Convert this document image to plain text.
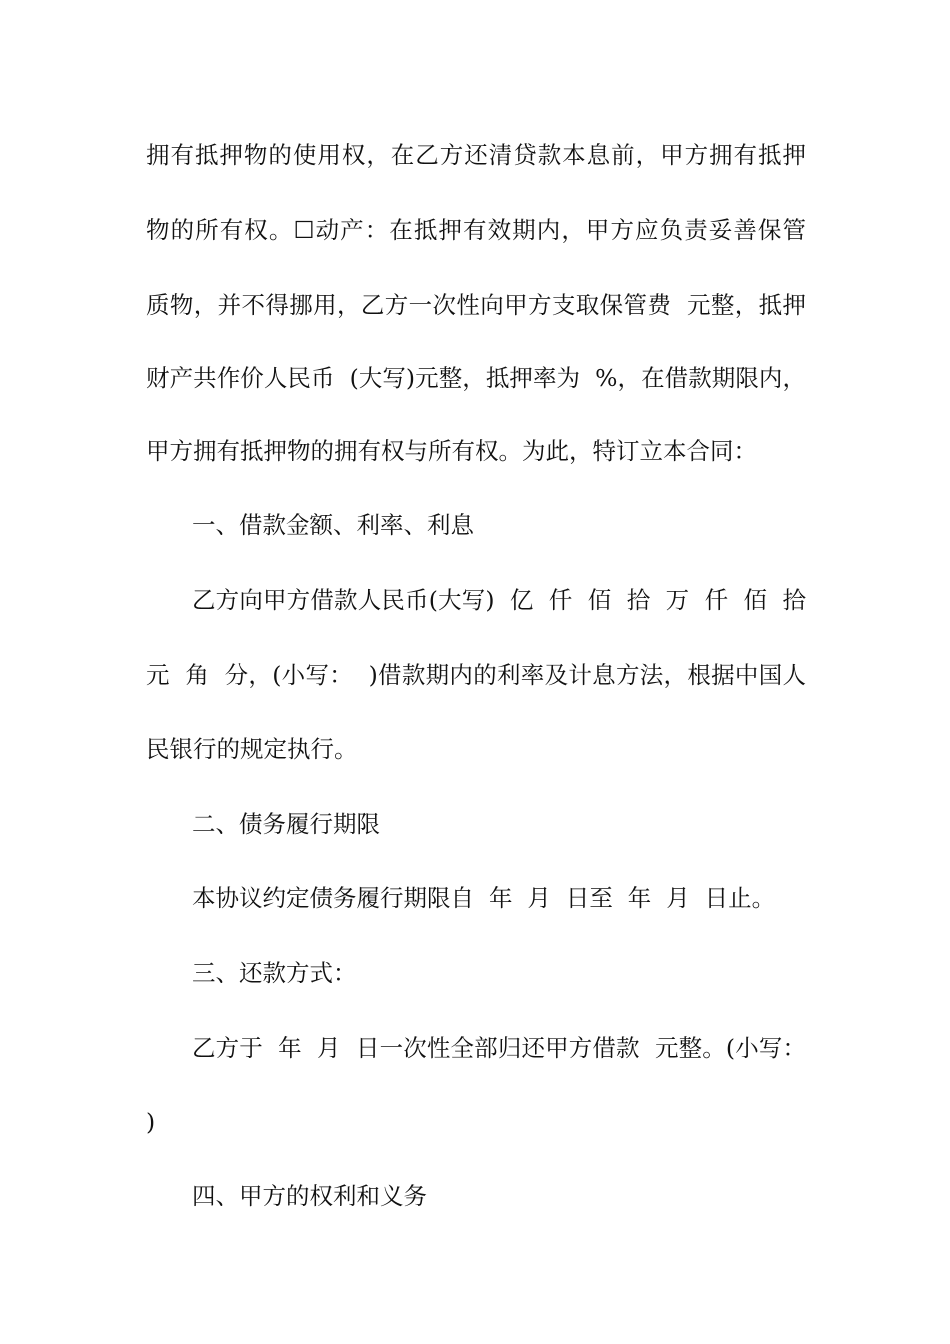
拥有抵押物的使用权，在乙方还清贷款本息前，甲方拥有抵押
物的所有权。☐动产：在抵押有效期内，甲方应负责妥善保管
质物，并不得挪用，乙方一次性向甲方支取保管费  元整，抵押
财产共作价人民币  (大写)元整，抵押率为  %，在借款期限内，
甲方拥有抵押物的拥有权与所有权。为此，特订立本合同：
一、借款金额、利率、利息
乙方向甲方借款人民币(大写)  亿  仟  佰  拾  万  仟  佰  拾
元  角  分，(小写：  )借款期内的利率及计息方法，根据中国人
民银行的规定执行。
二、债务履行期限
本协议约定债务履行期限自  年  月  日至  年  月  日止。
三、还款方式：
乙方于  年  月  日一次性全部归还甲方借款  元整。(小写：
)
四、甲方的权利和义务
